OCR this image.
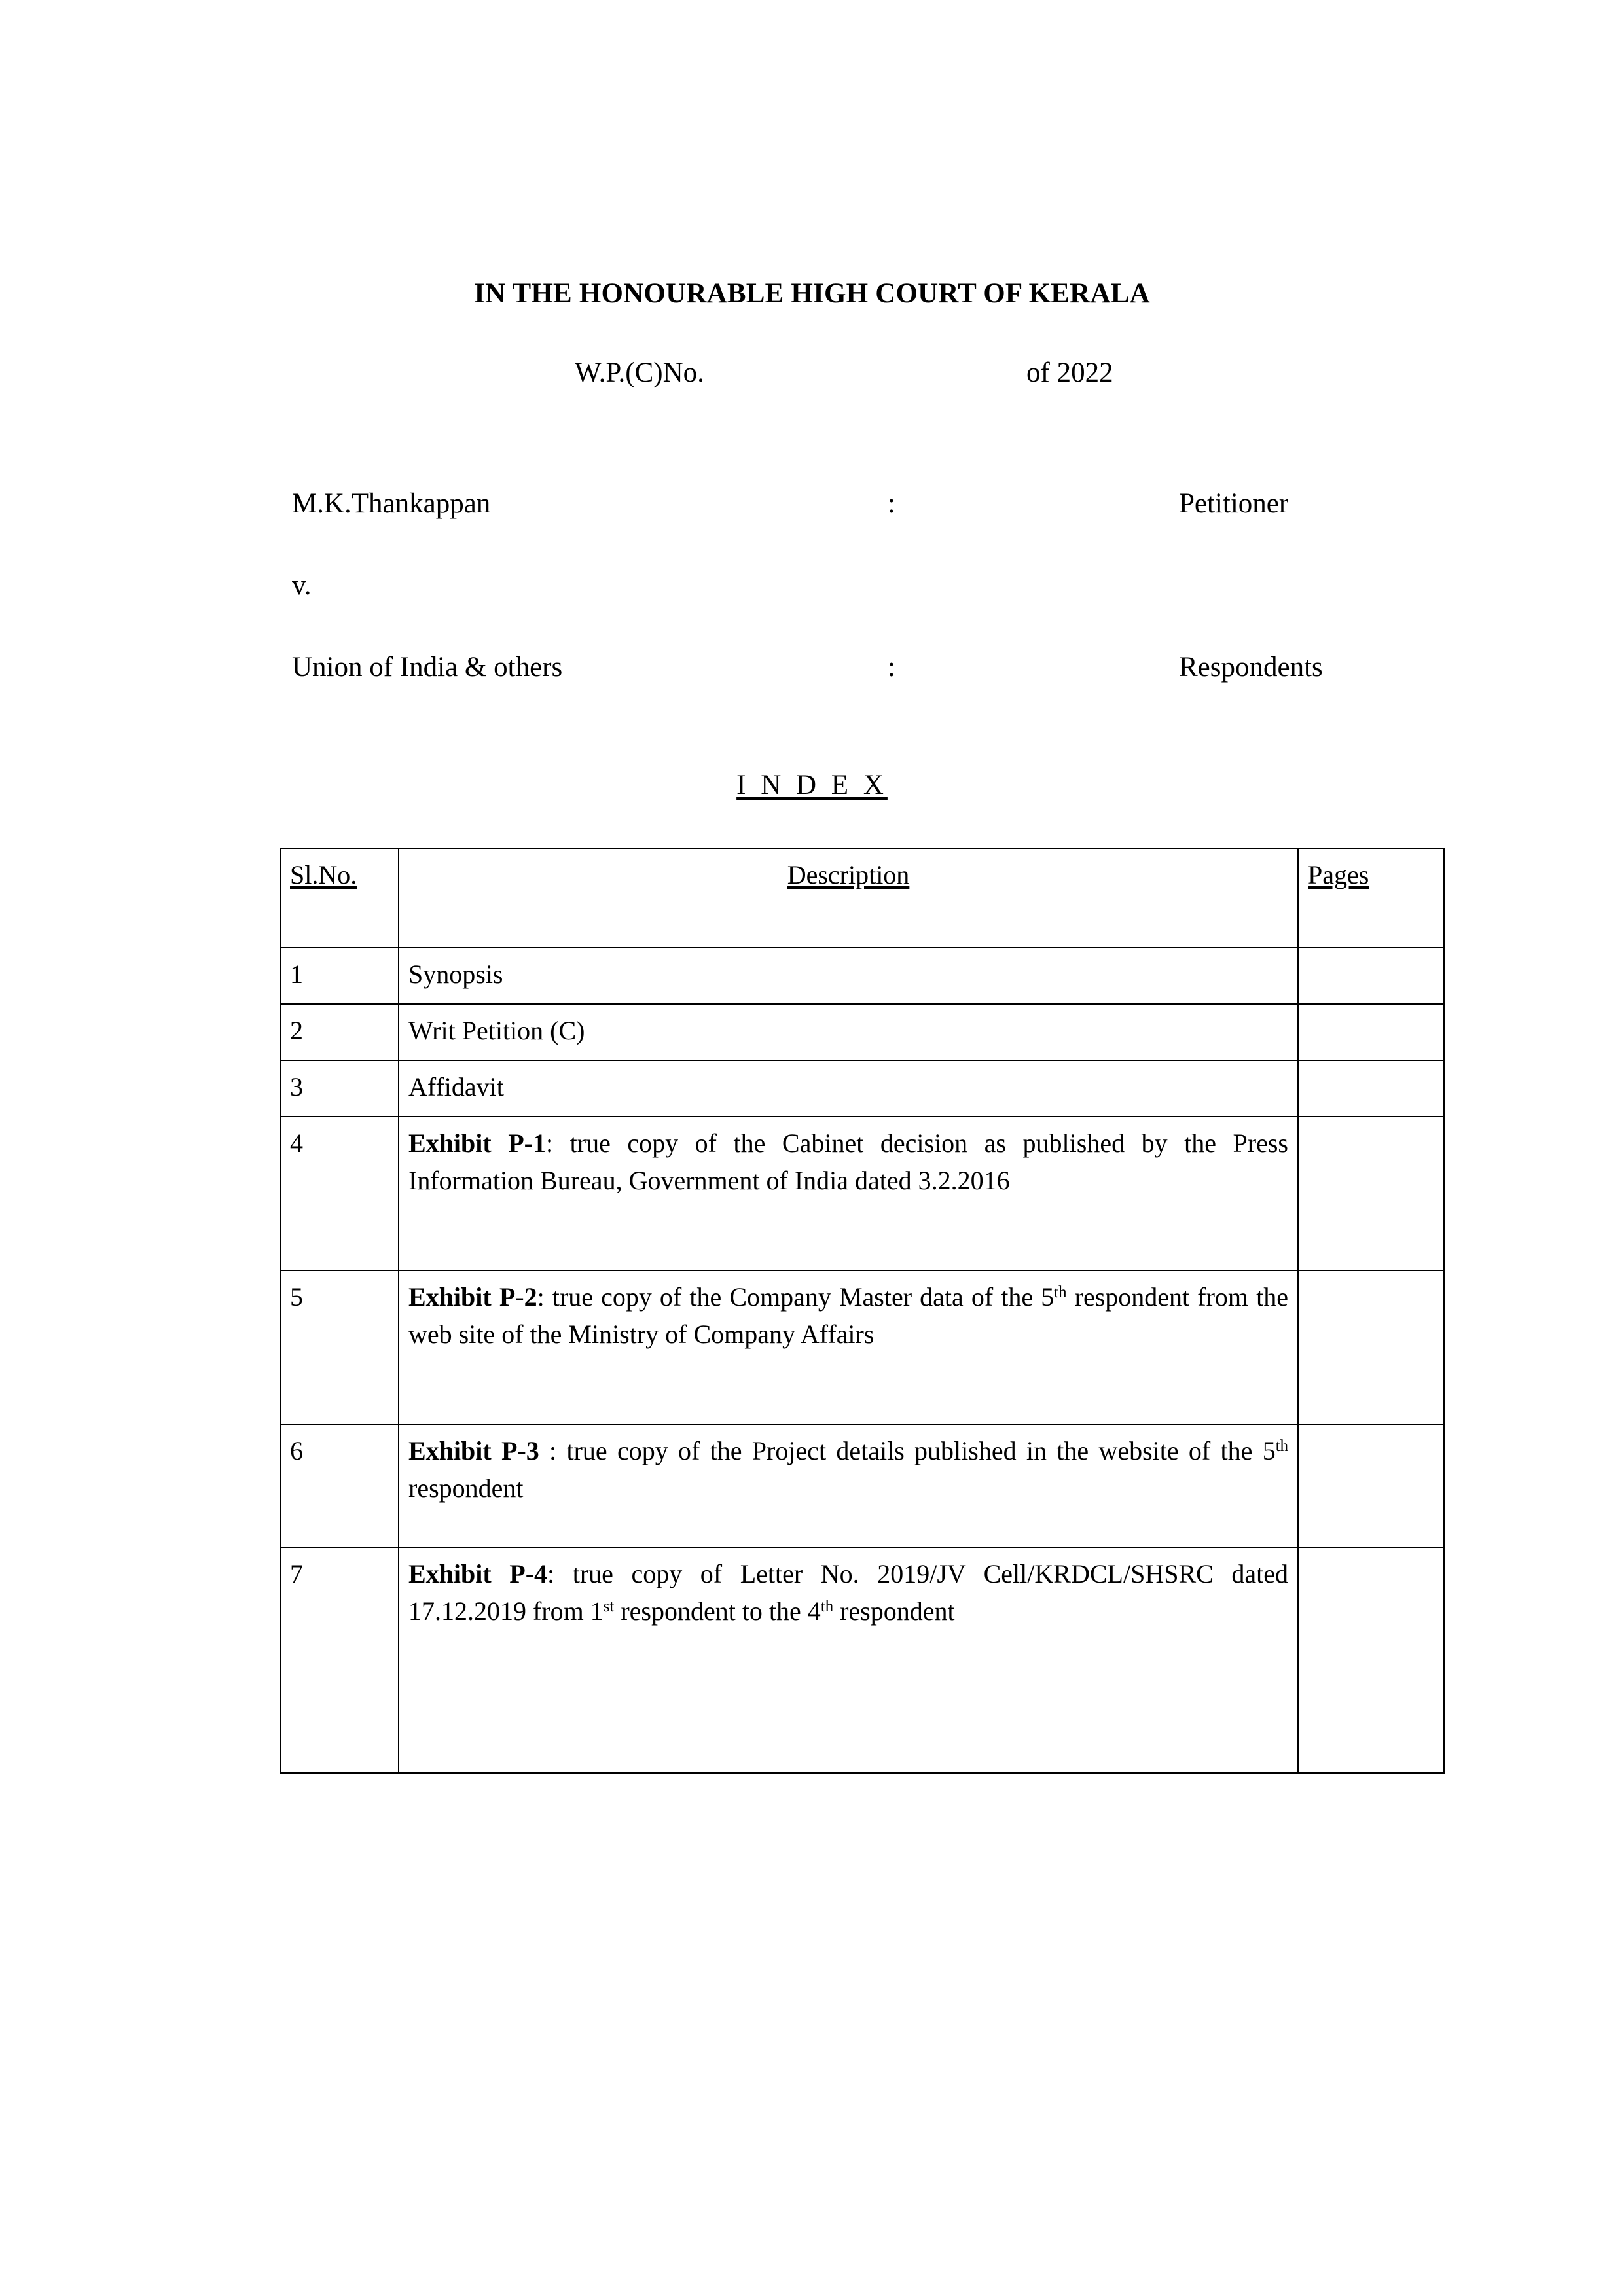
IN THE HONOURABLE HIGH COURT OF KERALA
W.P.(C)No.	of 2022
M.K.Thankappan	:	Petitioner
v.
Union of India & others	:	Respondents
I N D E X
Sl.No.	Description	Pages
1	Synopsis	
2	Writ Petition (C)	
3	Affidavit	
4	Exhibit P-1: true copy of the Cabinet decision as published by the Press Information Bureau, Government of India dated 3.2.2016	
5	Exhibit P-2: true copy of the Company Master data of the 5th respondent from the web site of the Ministry of Company Affairs	
6	Exhibit P-3 : true copy of the Project details published in the website of the 5th respondent	
7	Exhibit P-4: true copy of Letter No. 2019/JV Cell/KRDCL/SHSRC dated 17.12.2019 from 1st respondent to the 4th respondent	
